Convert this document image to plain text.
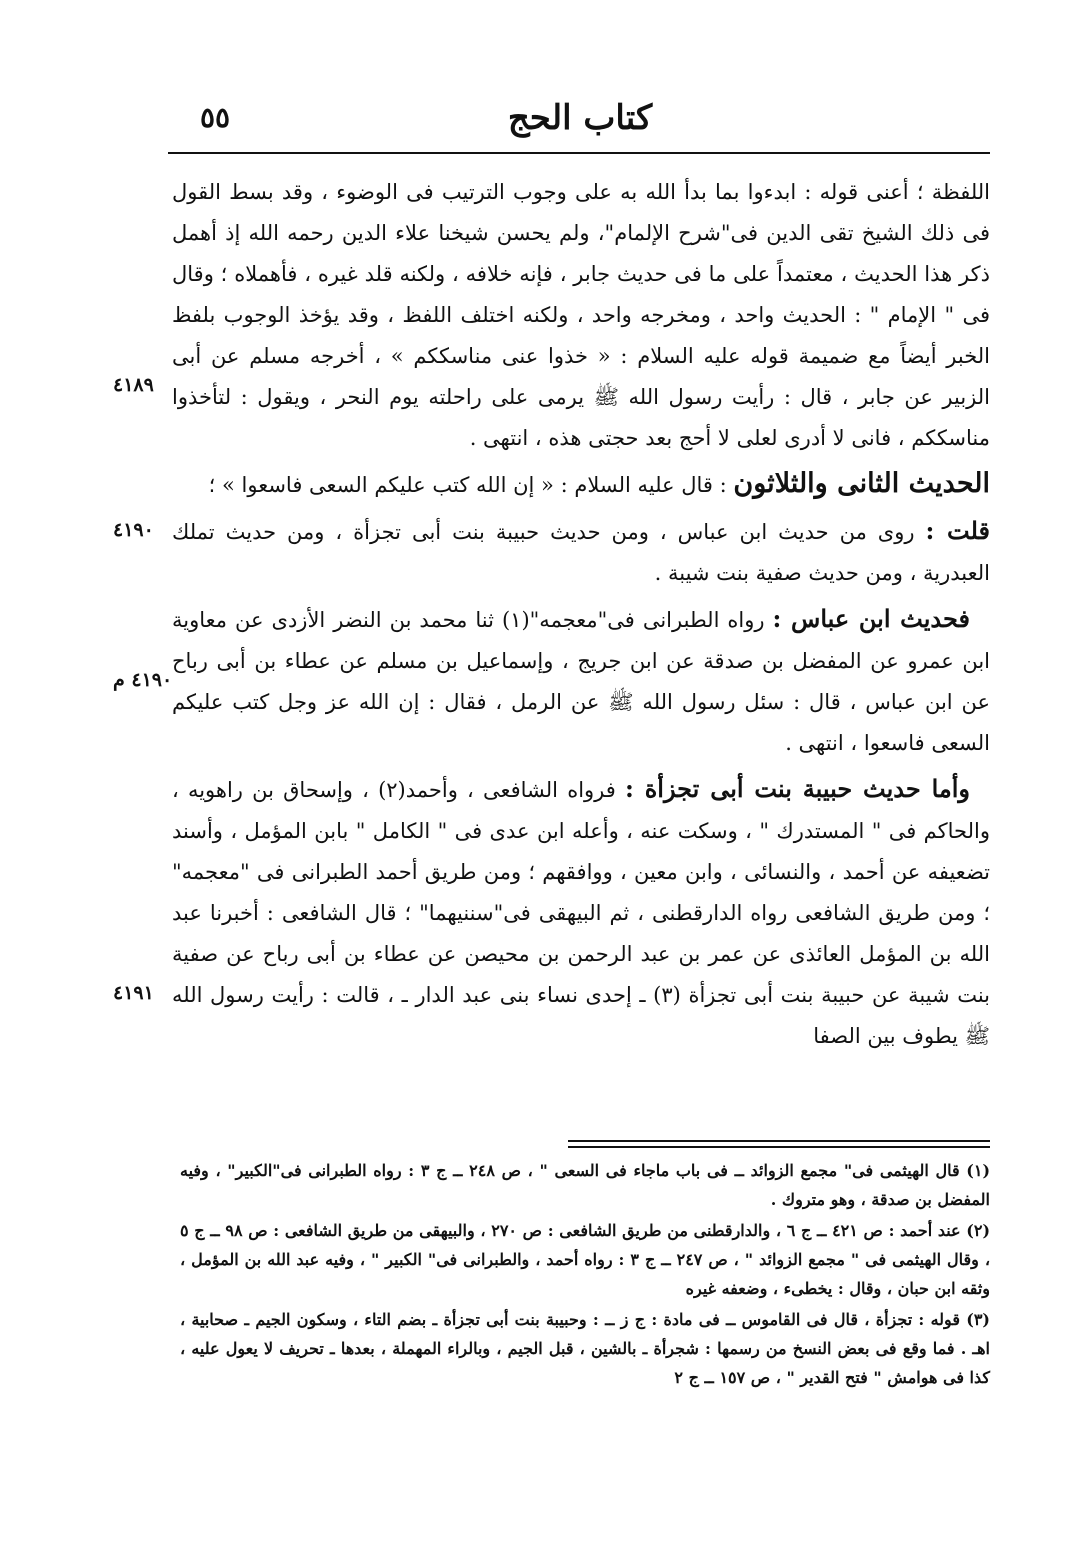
كتاب الحج
٥٥
٤١٨٩
٤١٩٠
٤١٩٠ م
٤١٩١

اللفظة ؛ أعنى قوله : ابدءوا بما بدأ الله به على وجوب الترتيب فى الوضوء ، وقد بسط القول فى ذلك الشيخ تقى الدين فى"شرح الإلمام"، ولم يحسن شيخنا علاء الدين رحمه الله إذ أهمل ذكر هذا الحديث ، معتمداً على ما فى حديث جابر ، فإنه خلافه ، ولكنه قلد غيره ، فأهملاه ؛ وقال فى " الإمام " : الحديث واحد ، ومخرجه واحد ، ولكنه اختلف اللفظ ، وقد يؤخذ الوجوب بلفظ الخبر أيضاً مع ضميمة قوله عليه السلام : « خذوا عنى مناسككم » ، أخرجه مسلم عن أبى الزبير عن جابر ، قال : رأيت رسول الله ﷺ يرمى على راحلته يوم النحر ، ويقول : لتأخذوا مناسككم ، فانى لا أدرى لعلى لا أحج بعد حجتى هذه ، انتهى .

الحديث الثانى والثلاثون : قال عليه السلام : « إن الله كتب عليكم السعى فاسعوا » ؛

قلت : روى من حديث ابن عباس ، ومن حديث حبيبة بنت أبى تجزأة ، ومن حديث تملك العبدرية ، ومن حديث صفية بنت شيبة .

فحديث ابن عباس : رواه الطبرانى فى"معجمه"(١) ثنا محمد بن النضر الأزدى عن معاوية ابن عمرو عن المفضل بن صدقة عن ابن جريج ، وإسماعيل بن مسلم عن عطاء بن أبى رباح عن ابن عباس ، قال : سئل رسول الله ﷺ عن الرمل ، فقال : إن الله عز وجل كتب عليكم السعى فاسعوا ، انتهى .

وأما حديث حبيبة بنت أبى تجزأة : فرواه الشافعى ، وأحمد(٢) ، وإسحاق بن راهويه ، والحاكم فى " المستدرك " ، وسكت عنه ، وأعله ابن عدى فى " الكامل " بابن المؤمل ، وأسند تضعيفه عن أحمد ، والنسائى ، وابن معين ، ووافقهم ؛ ومن طريق أحمد الطبرانى فى "معجمه" ؛ ومن طريق الشافعى رواه الدارقطنى ، ثم البيهقى فى"سننيهما" ؛ قال الشافعى : أخبرنا عبد الله بن المؤمل العائذى عن عمر بن عبد الرحمن بن محيصن عن عطاء بن أبى رباح عن صفية بنت شيبة عن حبيبة بنت أبى تجزأة (٣) ـ إحدى نساء بنى عبد الدار ـ ، قالت : رأيت رسول الله ﷺ يطوف بين الصفا

(١) قال الهيثمى فى" مجمع الزوائد ــ فى باب ماجاء فى السعى " ، ص ٢٤٨ ــ ج ٣ : رواه الطبرانى فى"الكبير" ، وفيه المفضل بن صدقة ، وهو متروك .

(٢) عند أحمد : ص ٤٢١ ــ ج ٦ ، والدارقطنى من طريق الشافعى : ص ٢٧٠ ، والبيهقى من طريق الشافعى : ص ٩٨ ــ ج ٥ ، وقال الهيثمى فى " مجمع الزوائد " ، ص ٢٤٧ ــ ج ٣ : رواه أحمد ، والطبرانى فى" الكبير " ، وفيه عبد الله بن المؤمل ، وثقه ابن حبان ، وقال : يخطىء ، وضعفه غيره

(٣) قوله : تجزأة ، قال فى القاموس ــ فى مادة : ج ز ــ : وحبيبة بنت أبى تجزأة ـ بضم التاء ، وسكون الجيم ـ صحابية ، اهـ . فما وقع فى بعض النسخ من رسمها : شجرأة ـ بالشين ، قبل الجيم ، وبالراء المهملة ، بعدها ـ تحريف لا يعول عليه ، كذا فى هوامش " فتح القدير " ، ص ١٥٧ ــ ج ٢
